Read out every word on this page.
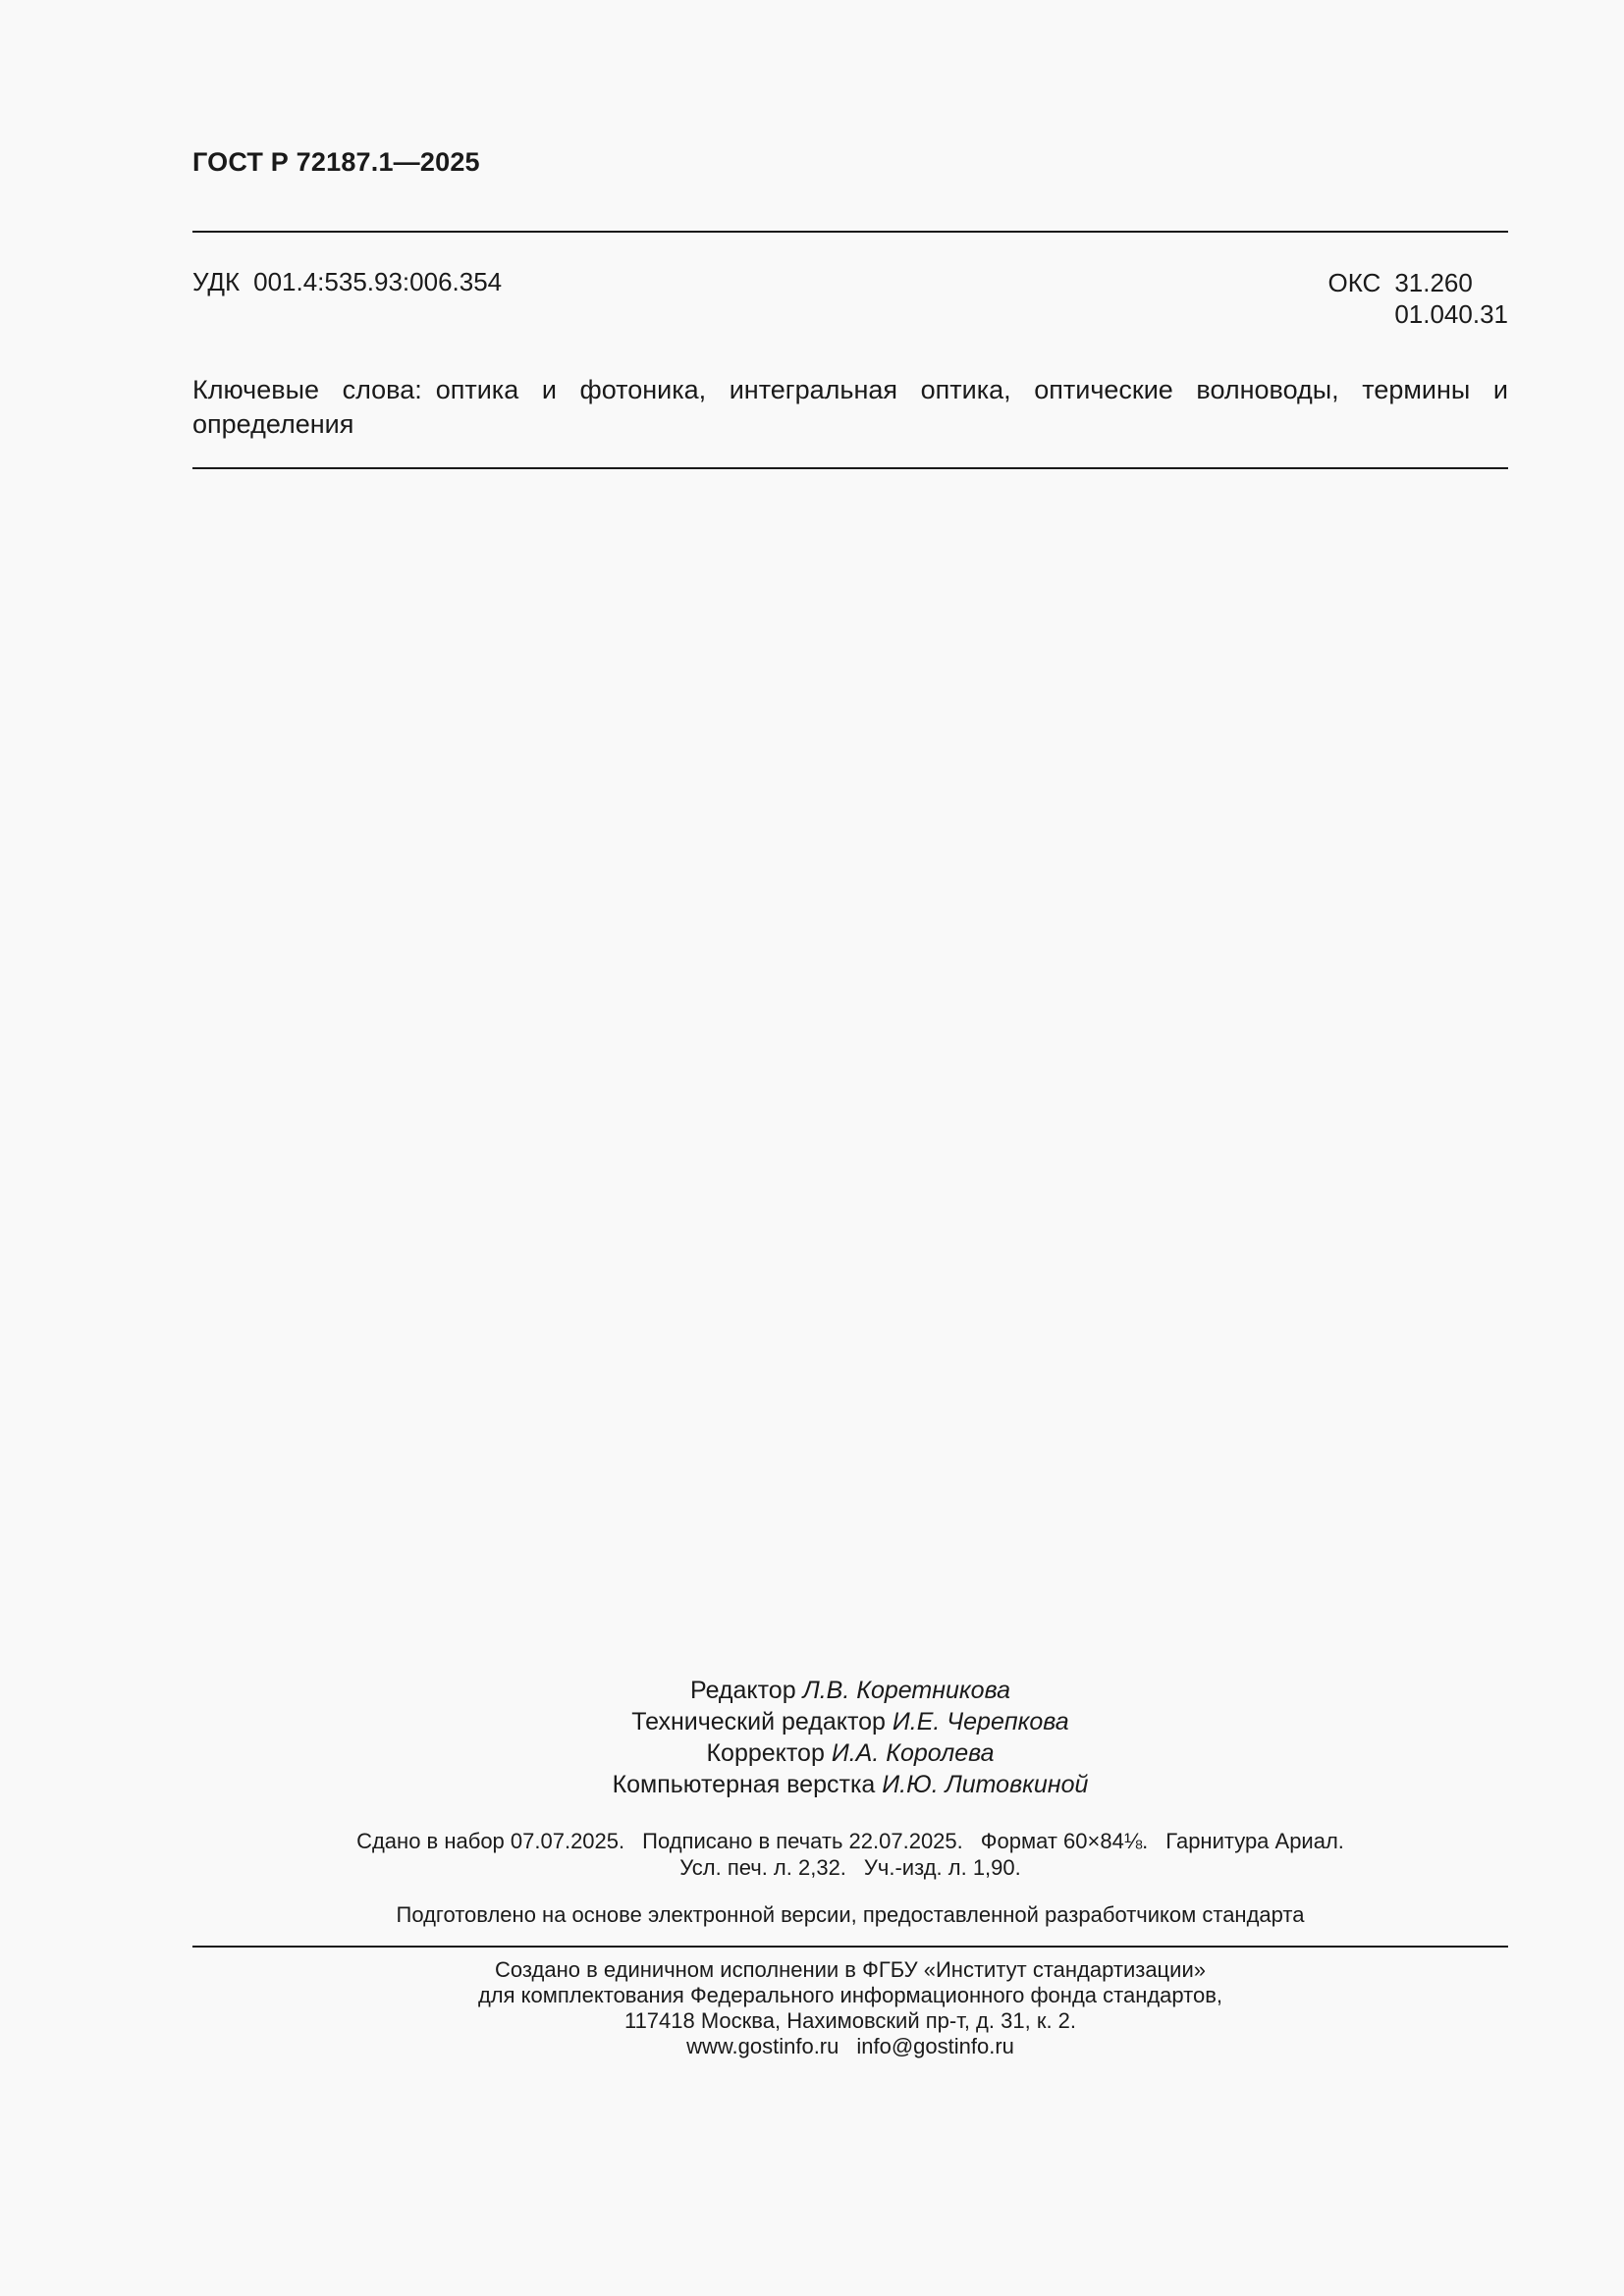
ГОСТ Р 72187.1—2025
УДК 001.4:535.93:006.354	ОКС 31.260
01.040.31
Ключевые слова: оптика и фотоника, интегральная оптика, оптические волноводы, термины и определения
Редактор Л.В. Коретникова
Технический редактор И.Е. Черепкова
Корректор И.А. Королева
Компьютерная верстка И.Ю. Литовкиной
Сдано в набор 07.07.2025. Подписано в печать 22.07.2025. Формат 60×84⅛. Гарнитура Ариал.
Усл. печ. л. 2,32. Уч.-изд. л. 1,90.
Подготовлено на основе электронной версии, предоставленной разработчиком стандарта
Создано в единичном исполнении в ФГБУ «Институт стандартизации»
для комплектования Федерального информационного фонда стандартов,
117418 Москва, Нахимовский пр-т, д. 31, к. 2.
www.gostinfo.ru info@gostinfo.ru
